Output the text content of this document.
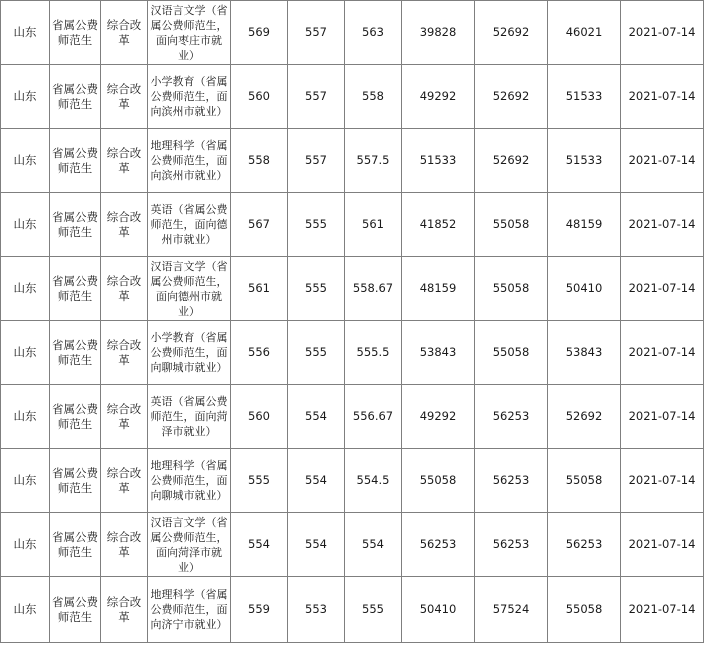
山东	省属公费师范生	综合改革	汉语言文学（省属公费师范生，面向枣庄市就业）	569	557	563	39828	52692	46021	2021-07-14
山东	省属公费师范生	综合改革	小学教育（省属公费师范生，面向滨州市就业）	560	557	558	49292	52692	51533	2021-07-14
山东	省属公费师范生	综合改革	地理科学（省属公费师范生，面向滨州市就业）	558	557	557.5	51533	52692	51533	2021-07-14
山东	省属公费师范生	综合改革	英语（省属公费师范生，面向德州市就业）	567	555	561	41852	55058	48159	2021-07-14
山东	省属公费师范生	综合改革	汉语言文学（省属公费师范生，面向德州市就业）	561	555	558.67	48159	55058	50410	2021-07-14
山东	省属公费师范生	综合改革	小学教育（省属公费师范生，面向聊城市就业）	556	555	555.5	53843	55058	53843	2021-07-14
山东	省属公费师范生	综合改革	英语（省属公费师范生，面向菏泽市就业）	560	554	556.67	49292	56253	52692	2021-07-14
山东	省属公费师范生	综合改革	地理科学（省属公费师范生，面向聊城市就业）	555	554	554.5	55058	56253	55058	2021-07-14
山东	省属公费师范生	综合改革	汉语言文学（省属公费师范生，面向菏泽市就业）	554	554	554	56253	56253	56253	2021-07-14
山东	省属公费师范生	综合改革	地理科学（省属公费师范生，面向济宁市就业）	559	553	555	50410	57524	55058	2021-07-14
